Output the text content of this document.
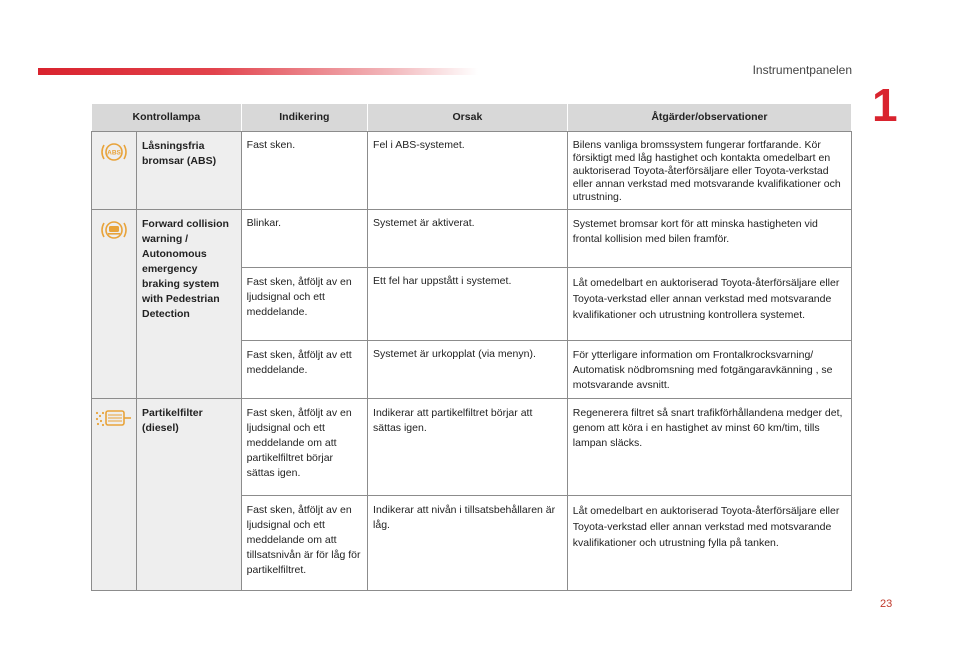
Instrumentpanelen
1
Kontrollampa		Indikering	Orsak	Åtgärder/observationer

ABS	Låsningsfria bromsar (ABS)	Fast sken.	Fel i ABS-systemet.	Bilens vanliga bromssystem fungerar fortfarande. Kör försiktigt med låg hastighet och kontakta omedelbart en auktoriserad Toyota-återförsäljare eller Toyota-verkstad eller annan verkstad med motsvarande kvalifikationer och utrustning.
	Forward collision warning / Autonomous emergency braking system with Pedestrian Detection	Blinkar.	Systemet är aktiverat.	Systemet bromsar kort för att minska hastigheten vid frontal kollision med bilen framför.
		Fast sken, åtföljt av en ljudsignal och ett meddelande.	Ett fel har uppstått i systemet.	Låt omedelbart en auktoriserad Toyota-återförsäljare eller Toyota-verkstad eller annan verkstad med motsvarande kvalifikationer och utrustning kontrollera systemet.
		Fast sken, åtföljt av ett meddelande.	Systemet är urkopplat (via menyn).	För ytterligare information om Frontalkrocksvarning/ Automatisk nödbromsning med fotgängaravkänning , se motsvarande avsnitt.
	Partikelfilter (diesel)	Fast sken, åtföljt av en ljudsignal och ett meddelande om att partikelfiltret börjar sättas igen.	Indikerar att partikelfiltret börjar att sättas igen.	Regenerera filtret så snart trafikförhållandena medger det, genom att köra i en hastighet av minst 60 km/tim, tills lampan släcks.
		Fast sken, åtföljt av en ljudsignal och ett meddelande om att tillsatsnivån är för låg för partikelfiltret.	Indikerar att nivån i tillsatsbehållaren är låg.	Låt omedelbart en auktoriserad Toyota-återförsäljare eller Toyota-verkstad eller annan verkstad med motsvarande kvalifikationer och utrustning fylla på tanken.
23
